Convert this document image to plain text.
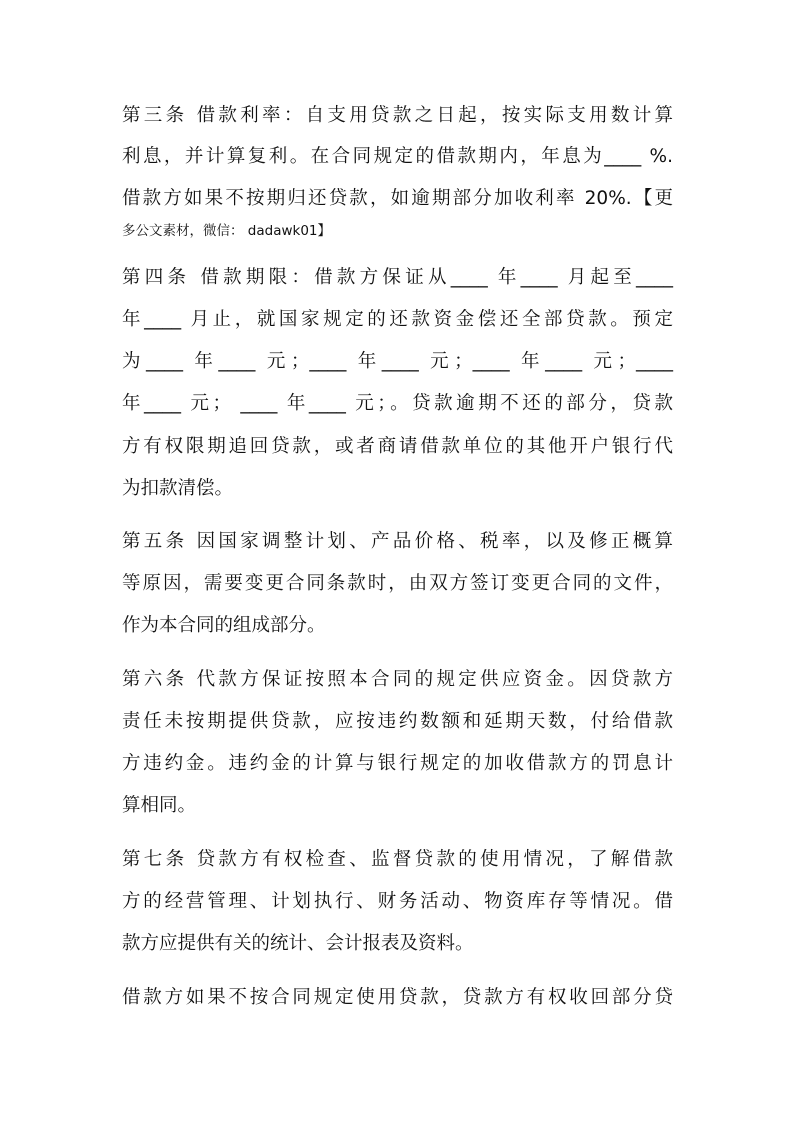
第三条 借款利率：自支用贷款之日起，按实际支用数计算

利息，并计算复利。在合同规定的借款期内，年息为____ %.

借款方如果不按期归还贷款，如逾期部分加收利率 20%.【更

多公文素材，微信： dadawk01】

第四条 借款期限：借款方保证从____ 年____ 月起至____

年____ 月止，就国家规定的还款资金偿还全部贷款。预定

为____ 年____ 元；____ 年____ 元；____ 年____ 元；____

年____ 元； ____ 年____ 元；。贷款逾期不还的部分，贷款

方有权限期追回贷款，或者商请借款单位的其他开户银行代

为扣款清偿。

第五条 因国家调整计划、产品价格、税率，以及修正概算

等原因，需要变更合同条款时，由双方签订变更合同的文件，

作为本合同的组成部分。

第六条 代款方保证按照本合同的规定供应资金。因贷款方

责任未按期提供贷款，应按违约数额和延期天数，付给借款

方违约金。违约金的计算与银行规定的加收借款方的罚息计

算相同。

第七条 贷款方有权检查、监督贷款的使用情况，了解借款

方的经营管理、计划执行、财务活动、物资库存等情况。借

款方应提供有关的统计、会计报表及资料。

借款方如果不按合同规定使用贷款，贷款方有权收回部分贷
